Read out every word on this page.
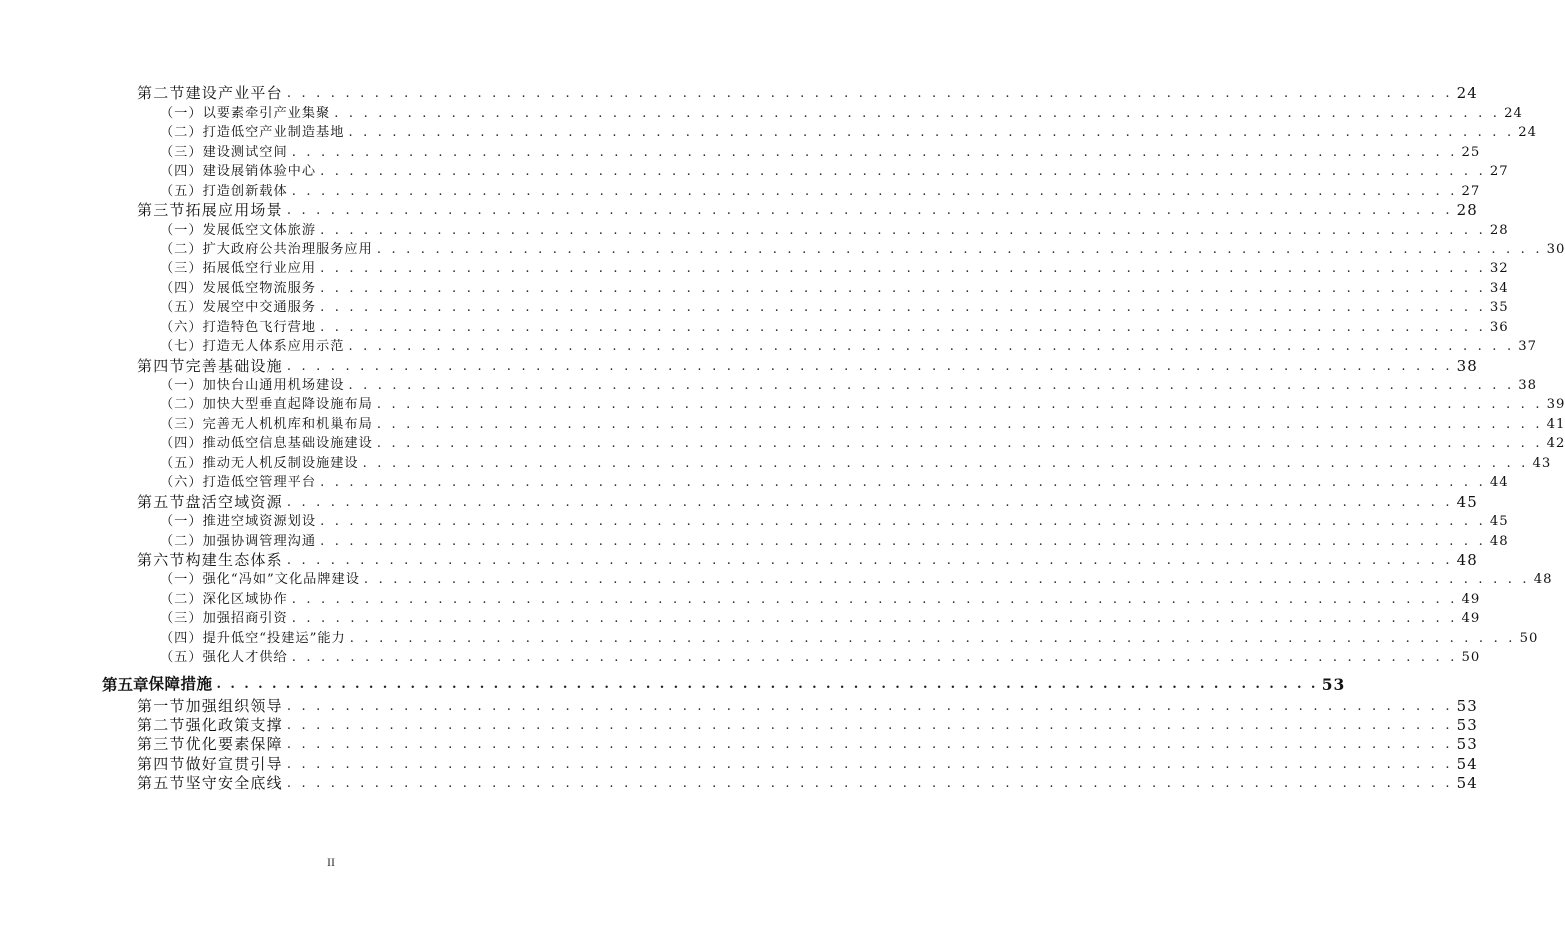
第二节 建设产业平台 . . . . . . . . . . . . . . . . . . . . . . . . . . . . . . . . . . . . . . . . . . . . . . . . . . . . . . . . . . . . . . . . . . . . . . . . . . . . . . . . 24
（一） 以要素牵引产业集聚 . . . . . . . . . . . . . . . . . . . . . . . . . . . . . . . . . . . . . . . . . . . . . . . . . . . . . . . . . . . . . . . . . . . . . . . . . . . . . . . . 24
（二） 打造低空产业制造基地 . . . . . . . . . . . . . . . . . . . . . . . . . . . . . . . . . . . . . . . . . . . . . . . . . . . . . . . . . . . . . . . . . . . . . . . . . . . . . . . . 24
（三） 建设测试空间 . . . . . . . . . . . . . . . . . . . . . . . . . . . . . . . . . . . . . . . . . . . . . . . . . . . . . . . . . . . . . . . . . . . . . . . . . . . . . . . . 25
（四） 建设展销体验中心 . . . . . . . . . . . . . . . . . . . . . . . . . . . . . . . . . . . . . . . . . . . . . . . . . . . . . . . . . . . . . . . . . . . . . . . . . . . . . . . . 27
（五） 打造创新载体 . . . . . . . . . . . . . . . . . . . . . . . . . . . . . . . . . . . . . . . . . . . . . . . . . . . . . . . . . . . . . . . . . . . . . . . . . . . . . . . . 27
第三节 拓展应用场景 . . . . . . . . . . . . . . . . . . . . . . . . . . . . . . . . . . . . . . . . . . . . . . . . . . . . . . . . . . . . . . . . . . . . . . . . . . . . . . . . 28
（一） 发展低空文体旅游 . . . . . . . . . . . . . . . . . . . . . . . . . . . . . . . . . . . . . . . . . . . . . . . . . . . . . . . . . . . . . . . . . . . . . . . . . . . . . . . . 28
（二） 扩大政府公共治理服务应用 . . . . . . . . . . . . . . . . . . . . . . . . . . . . . . . . . . . . . . . . . . . . . . . . . . . . . . . . . . . . . . . . . . . . . . . . . . . . . . . . 30
（三） 拓展低空行业应用 . . . . . . . . . . . . . . . . . . . . . . . . . . . . . . . . . . . . . . . . . . . . . . . . . . . . . . . . . . . . . . . . . . . . . . . . . . . . . . . . 32
（四） 发展低空物流服务 . . . . . . . . . . . . . . . . . . . . . . . . . . . . . . . . . . . . . . . . . . . . . . . . . . . . . . . . . . . . . . . . . . . . . . . . . . . . . . . . 34
（五） 发展空中交通服务 . . . . . . . . . . . . . . . . . . . . . . . . . . . . . . . . . . . . . . . . . . . . . . . . . . . . . . . . . . . . . . . . . . . . . . . . . . . . . . . . 35
（六） 打造特色飞行营地 . . . . . . . . . . . . . . . . . . . . . . . . . . . . . . . . . . . . . . . . . . . . . . . . . . . . . . . . . . . . . . . . . . . . . . . . . . . . . . . . 36
（七） 打造无人体系应用示范 . . . . . . . . . . . . . . . . . . . . . . . . . . . . . . . . . . . . . . . . . . . . . . . . . . . . . . . . . . . . . . . . . . . . . . . . . . . . . . . . 37
第四节 完善基础设施 . . . . . . . . . . . . . . . . . . . . . . . . . . . . . . . . . . . . . . . . . . . . . . . . . . . . . . . . . . . . . . . . . . . . . . . . . . . . . . . . 38
（一） 加快台山通用机场建设 . . . . . . . . . . . . . . . . . . . . . . . . . . . . . . . . . . . . . . . . . . . . . . . . . . . . . . . . . . . . . . . . . . . . . . . . . . . . . . . . 38
（二） 加快大型垂直起降设施布局 . . . . . . . . . . . . . . . . . . . . . . . . . . . . . . . . . . . . . . . . . . . . . . . . . . . . . . . . . . . . . . . . . . . . . . . . . . . . . . . . 39
（三） 完善无人机机库和机巢布局 . . . . . . . . . . . . . . . . . . . . . . . . . . . . . . . . . . . . . . . . . . . . . . . . . . . . . . . . . . . . . . . . . . . . . . . . . . . . . . . . 41
（四） 推动低空信息基础设施建设 . . . . . . . . . . . . . . . . . . . . . . . . . . . . . . . . . . . . . . . . . . . . . . . . . . . . . . . . . . . . . . . . . . . . . . . . . . . . . . . . 42
（五） 推动无人机反制设施建设 . . . . . . . . . . . . . . . . . . . . . . . . . . . . . . . . . . . . . . . . . . . . . . . . . . . . . . . . . . . . . . . . . . . . . . . . . . . . . . . . 43
（六） 打造低空管理平台 . . . . . . . . . . . . . . . . . . . . . . . . . . . . . . . . . . . . . . . . . . . . . . . . . . . . . . . . . . . . . . . . . . . . . . . . . . . . . . . . 44
第五节 盘活空域资源 . . . . . . . . . . . . . . . . . . . . . . . . . . . . . . . . . . . . . . . . . . . . . . . . . . . . . . . . . . . . . . . . . . . . . . . . . . . . . . . . 45
（一） 推进空域资源划设 . . . . . . . . . . . . . . . . . . . . . . . . . . . . . . . . . . . . . . . . . . . . . . . . . . . . . . . . . . . . . . . . . . . . . . . . . . . . . . . . 45
（二） 加强协调管理沟通 . . . . . . . . . . . . . . . . . . . . . . . . . . . . . . . . . . . . . . . . . . . . . . . . . . . . . . . . . . . . . . . . . . . . . . . . . . . . . . . . 48
第六节 构建生态体系 . . . . . . . . . . . . . . . . . . . . . . . . . . . . . . . . . . . . . . . . . . . . . . . . . . . . . . . . . . . . . . . . . . . . . . . . . . . . . . . . 48
（一） 强化“冯如”文化品牌建设 . . . . . . . . . . . . . . . . . . . . . . . . . . . . . . . . . . . . . . . . . . . . . . . . . . . . . . . . . . . . . . . . . . . . . . . . . . . . . . . . 48
（二） 深化区域协作 . . . . . . . . . . . . . . . . . . . . . . . . . . . . . . . . . . . . . . . . . . . . . . . . . . . . . . . . . . . . . . . . . . . . . . . . . . . . . . . . 49
（三） 加强招商引资 . . . . . . . . . . . . . . . . . . . . . . . . . . . . . . . . . . . . . . . . . . . . . . . . . . . . . . . . . . . . . . . . . . . . . . . . . . . . . . . . 49
（四） 提升低空“投建运”能力 . . . . . . . . . . . . . . . . . . . . . . . . . . . . . . . . . . . . . . . . . . . . . . . . . . . . . . . . . . . . . . . . . . . . . . . . . . . . . . . . 50
（五） 强化人才供给 . . . . . . . . . . . . . . . . . . . . . . . . . . . . . . . . . . . . . . . . . . . . . . . . . . . . . . . . . . . . . . . . . . . . . . . . . . . . . . . . 50
第五章 保障措施 . . . . . . . . . . . . . . . . . . . . . . . . . . . . . . . . . . . . . . . . . . . . . . . . . . . . . . . . . . . . . . . . . . . . . . . . . . . . . . . . 53
第一节 加强组织领导 . . . . . . . . . . . . . . . . . . . . . . . . . . . . . . . . . . . . . . . . . . . . . . . . . . . . . . . . . . . . . . . . . . . . . . . . . . . . . . . . 53
第二节 强化政策支撑 . . . . . . . . . . . . . . . . . . . . . . . . . . . . . . . . . . . . . . . . . . . . . . . . . . . . . . . . . . . . . . . . . . . . . . . . . . . . . . . . 53
第三节 优化要素保障 . . . . . . . . . . . . . . . . . . . . . . . . . . . . . . . . . . . . . . . . . . . . . . . . . . . . . . . . . . . . . . . . . . . . . . . . . . . . . . . . 53
第四节 做好宣贯引导 . . . . . . . . . . . . . . . . . . . . . . . . . . . . . . . . . . . . . . . . . . . . . . . . . . . . . . . . . . . . . . . . . . . . . . . . . . . . . . . . 54
第五节 坚守安全底线 . . . . . . . . . . . . . . . . . . . . . . . . . . . . . . . . . . . . . . . . . . . . . . . . . . . . . . . . . . . . . . . . . . . . . . . . . . . . . . . . 54
II
